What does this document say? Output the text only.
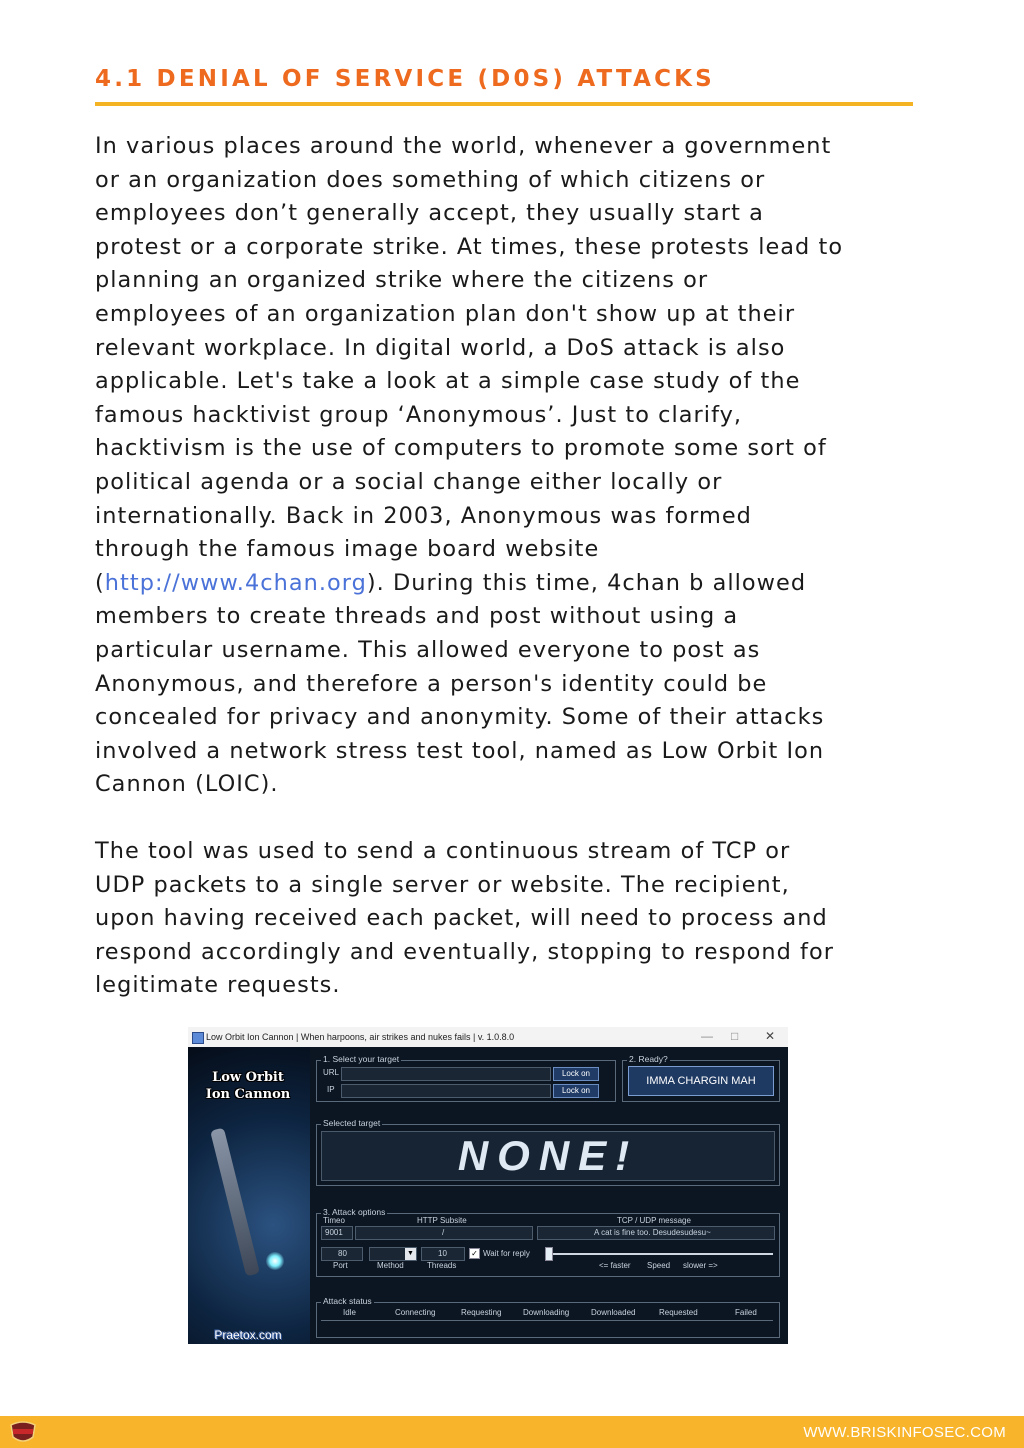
4.1 DENIAL OF SERVICE (D0S) ATTACKS
In various places around the world, whenever a government
or an organization does something of which citizens or
employees don’t generally accept, they usually start a
protest or a corporate strike. At times, these protests lead to
planning an organized strike where the citizens or
employees of an organization plan don't show up at their
relevant workplace. In digital world, a DoS attack is also
applicable. Let's take a look at a simple case study of the
famous hacktivist group ‘Anonymous’. Just to clarify,
hacktivism is the use of computers to promote some sort of
political agenda or a social change either locally or
internationally. Back in 2003, Anonymous was formed
through the famous image board website
(http://www.4chan.org). During this time, 4chan b allowed
members to create threads and post without using a
particular username. This allowed everyone to post as
Anonymous, and therefore a person's identity could be
concealed for privacy and anonymity. Some of their attacks
involved a network stress test tool, named as Low Orbit Ion
Cannon (LOIC).
The tool was used to send a continuous stream of TCP or
UDP packets to a single server or website. The recipient,
upon having received each packet, will need to process and
respond accordingly and eventually, stopping to respond for
legitimate requests.
Low Orbit Ion Cannon | When harpoons, air strikes and nukes fails | v. 1.0.8.0	— □ ✕
Low Orbit
Ion Cannon
Praetox.com
1. Select your target
URL	Lock on
IP	Lock on
2. Ready?
IMMA CHARGIN MAH
Selected target
NONE!
3. Attack options
Timeo	HTTP Subsite	TCP / UDP message
9001	/	A cat is fine too. Desudesudesu~
80	▼	10	✓ Wait for reply
Port	Method	Threads	<= faster Speed slower =>
Attack status
Idle	Connecting	Requesting	Downloading	Downloaded	Requested	Failed
WWW.BRISKINFOSEC.COM
